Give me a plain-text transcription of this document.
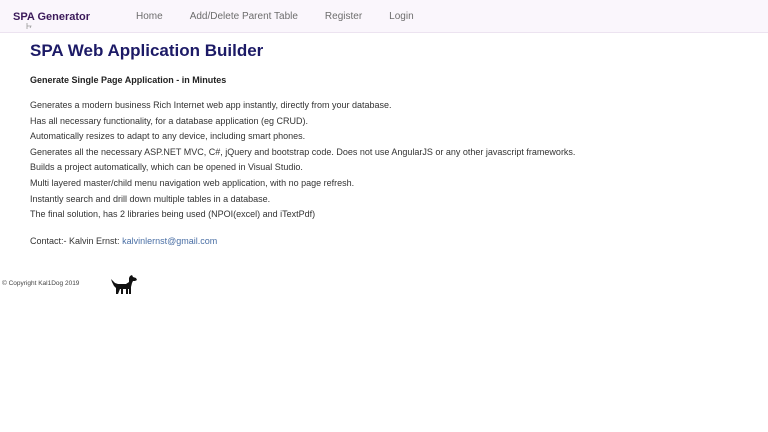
SPA Generator	Home	Add/Delete Parent Table	Register	Login
SPA Web Application Builder
Generate Single Page Application - in Minutes
Generates a modern business Rich Internet web app instantly, directly from your database.
Has all necessary functionality, for a database application (eg CRUD).
Automatically resizes to adapt to any device, including smart phones.
Generates all the necessary ASP.NET MVC, C#, jQuery and bootstrap code. Does not use AngularJS or any other javascript frameworks.
Builds a project automatically, which can be opened in Visual Studio.
Multi layered master/child menu navigation web application, with no page refresh.
Instantly search and drill down multiple tables in a database.
The final solution, has 2 libraries being used (NPOI(excel) and iTextPdf)
Contact:- Kalvin Ernst: kalvinlernst@gmail.com
© Copyright Kal1Dog 2019
